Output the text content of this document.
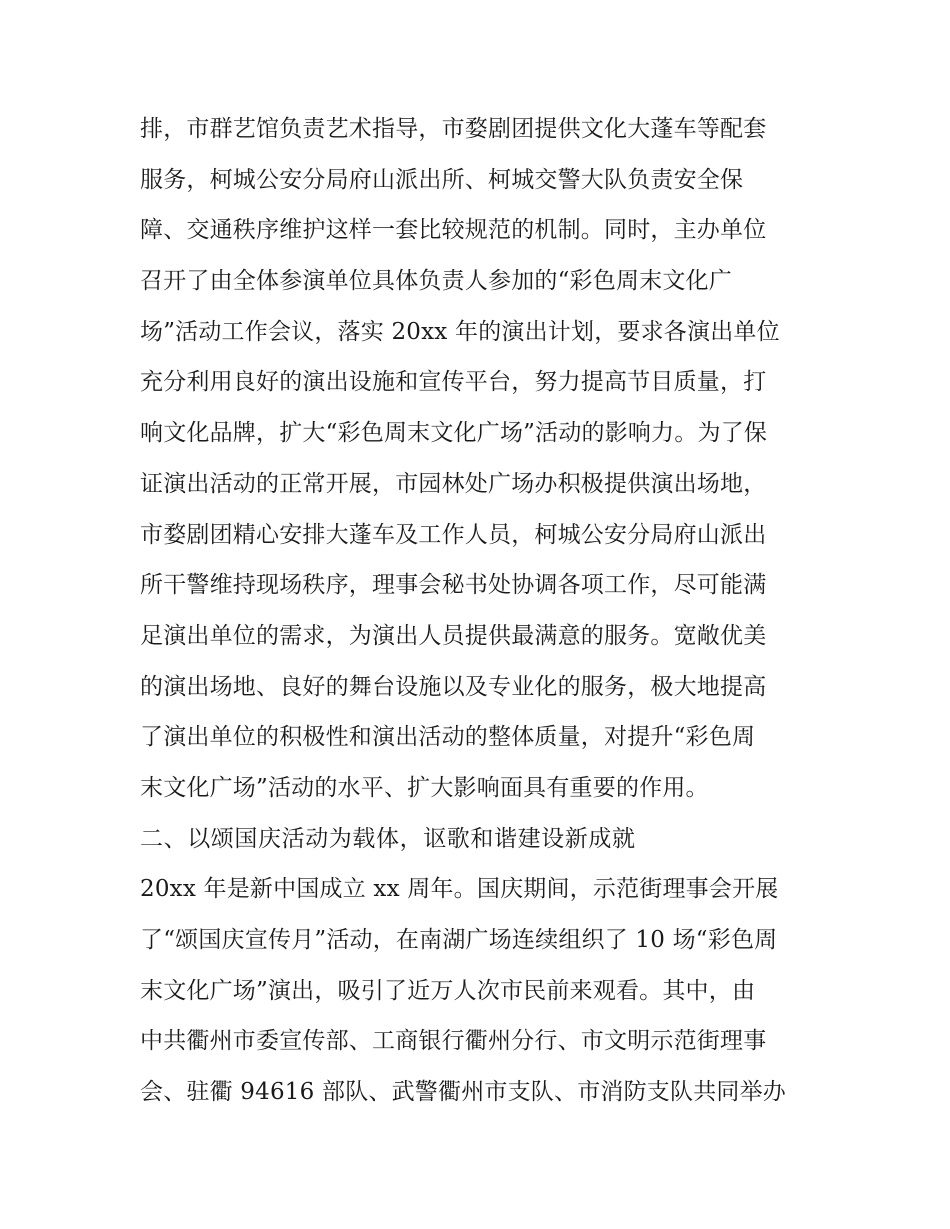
排，市群艺馆负责艺术指导，市婺剧团提供文化大蓬车等配套
服务，柯城公安分局府山派出所、柯城交警大队负责安全保
障、交通秩序维护这样一套比较规范的机制。同时，主办单位
召开了由全体参演单位具体负责人参加的“彩色周末文化广
场”活动工作会议，落实 20xx 年的演出计划，要求各演出单位
充分利用良好的演出设施和宣传平台，努力提高节目质量，打
响文化品牌，扩大“彩色周末文化广场”活动的影响力。为了保
证演出活动的正常开展，市园林处广场办积极提供演出场地，
市婺剧团精心安排大蓬车及工作人员，柯城公安分局府山派出
所干警维持现场秩序，理事会秘书处协调各项工作，尽可能满
足演出单位的需求，为演出人员提供最满意的服务。宽敞优美
的演出场地、良好的舞台设施以及专业化的服务，极大地提高
了演出单位的积极性和演出活动的整体质量，对提升“彩色周
末文化广场”活动的水平、扩大影响面具有重要的作用。
二、以颂国庆活动为载体，讴歌和谐建设新成就
20xx 年是新中国成立 xx 周年。国庆期间，示范街理事会开展
了“颂国庆宣传月”活动，在南湖广场连续组织了 10 场“彩色周
末文化广场”演出，吸引了近万人次市民前来观看。其中，由
中共衢州市委宣传部、工商银行衢州分行、市文明示范街理事
会、驻衢 94616 部队、武警衢州市支队、市消防支队共同举办
